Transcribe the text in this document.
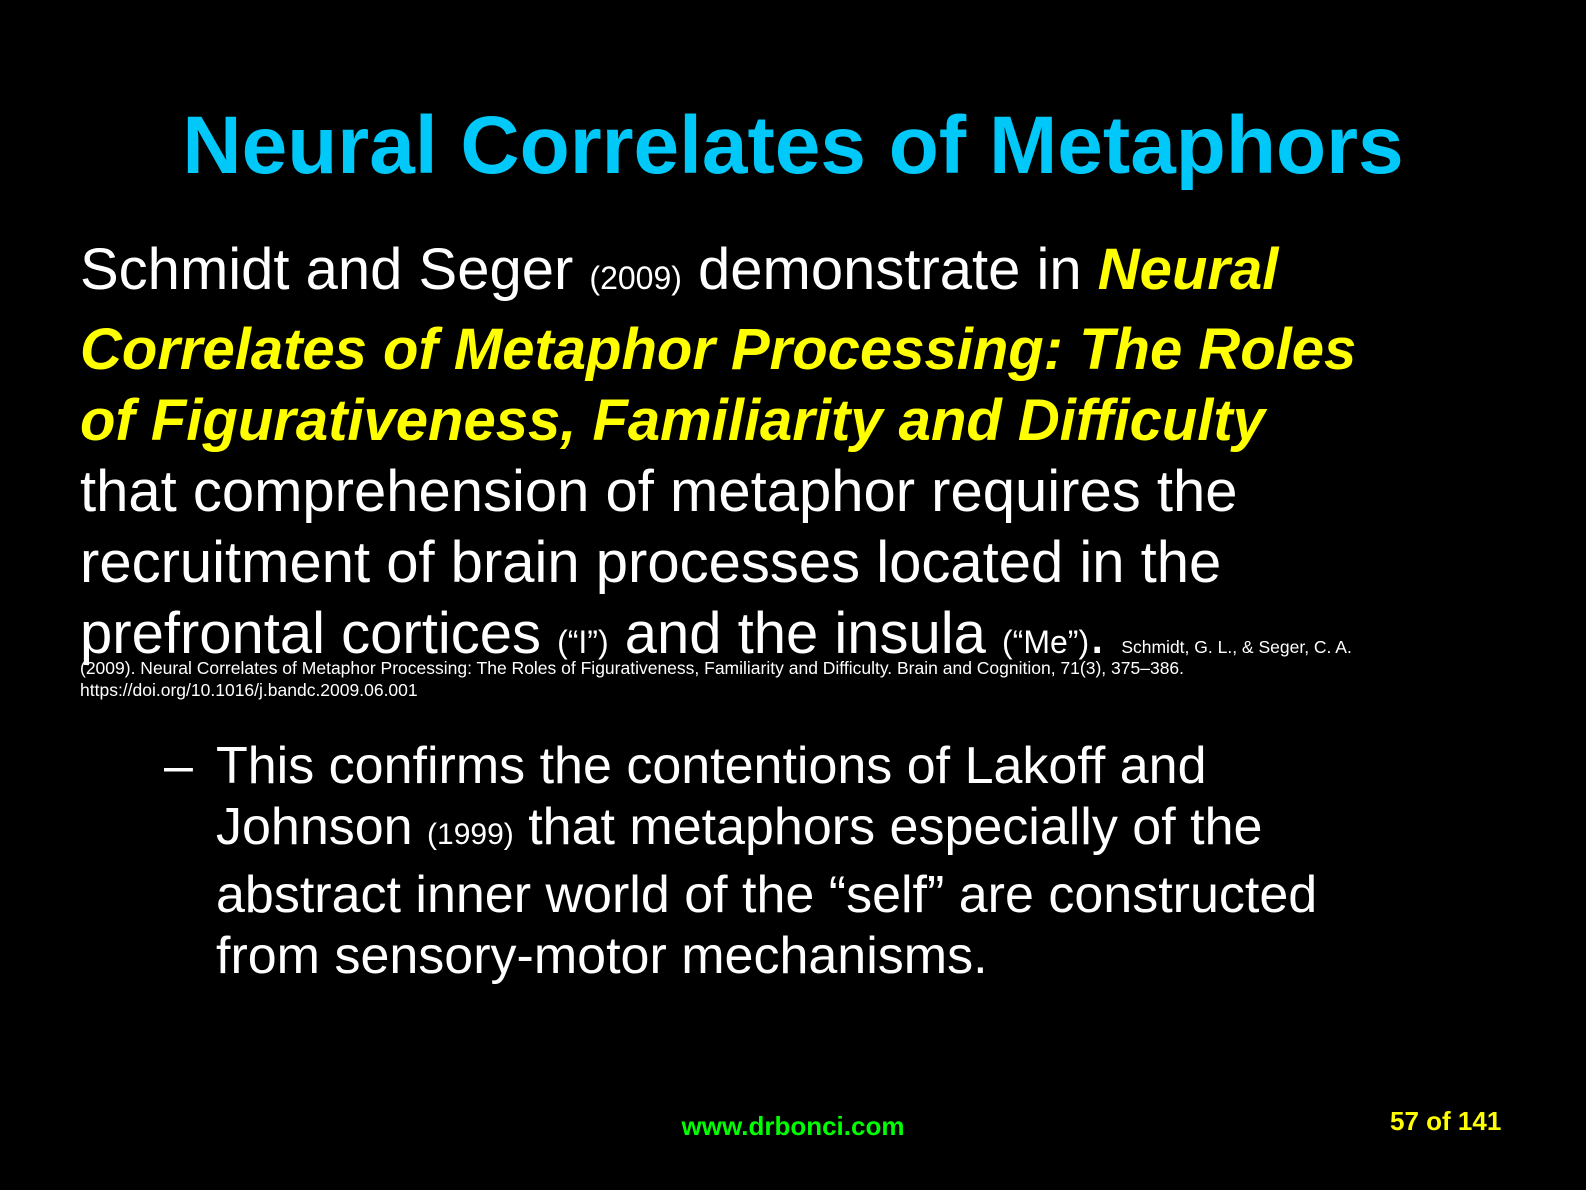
Neural Correlates of Metaphors
Schmidt and Seger (2009) demonstrate in Neural
Correlates of Metaphor Processing: The Roles
of Figurativeness, Familiarity and Difficulty
that comprehension of metaphor requires the
recruitment of brain processes located in the
prefrontal cortices (“I”) and the insula (“Me”). Schmidt, G. L., & Seger, C. A.
(2009). Neural Correlates of Metaphor Processing: The Roles of Figurativeness, Familiarity and Difficulty. Brain and Cognition, 71(3), 375–386.
https://doi.org/10.1016/j.bandc.2009.06.001
– This confirms the contentions of Lakoff and
Johnson (1999) that metaphors especially of the
abstract inner world of the “self” are constructed
from sensory-motor mechanisms.
www.drbonci.com	57 of 141
